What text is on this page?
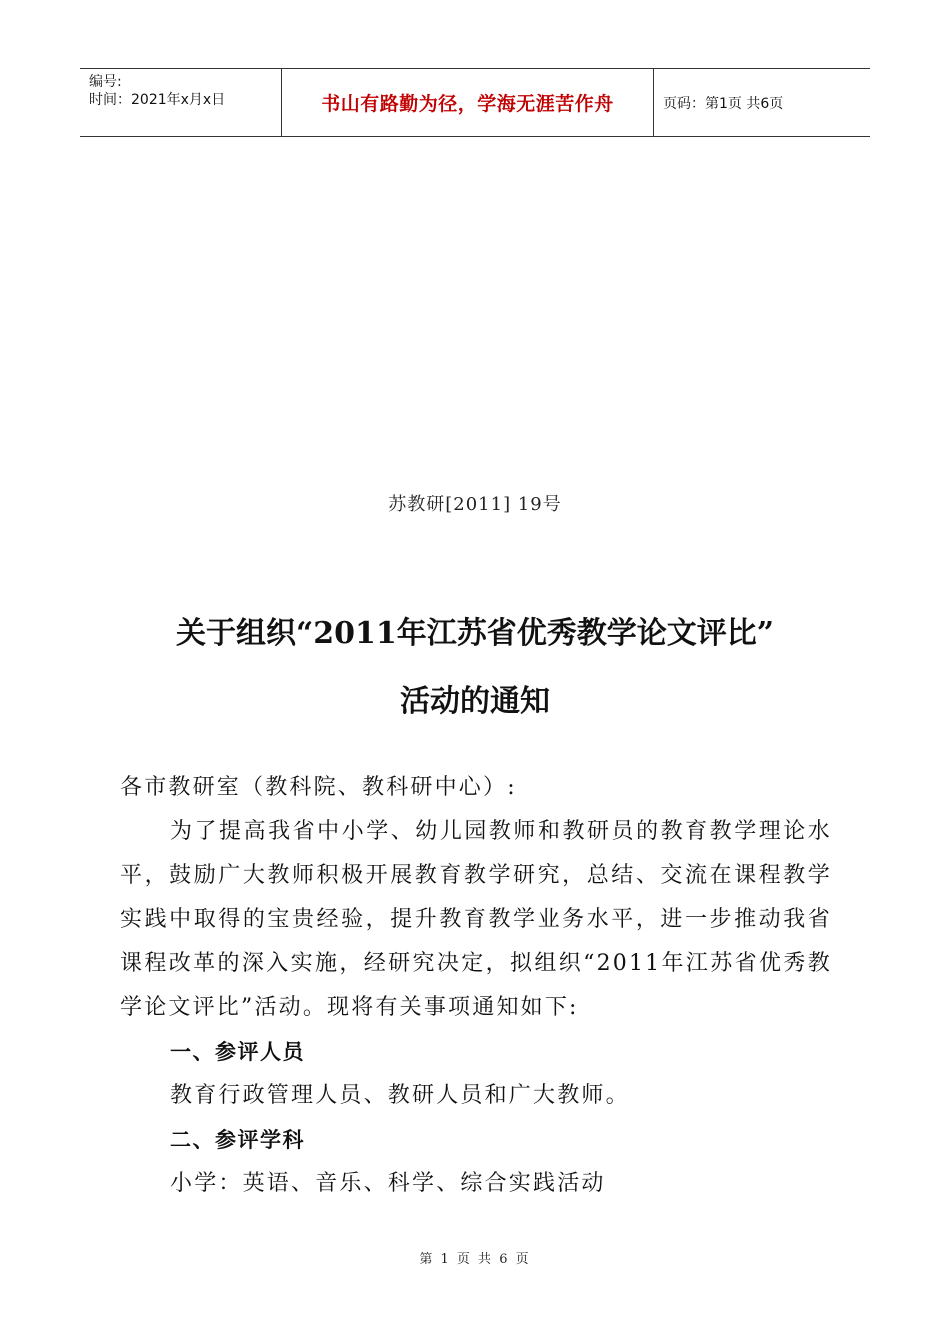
编号:
时间：2021年x月x日	书山有路勤为径，学海无涯苦作舟	页码：第1页 共6页
苏教研[2011] 19号
关于组织“2011年江苏省优秀教学论文评比”
活动的通知

各市教研室（教科院、教科研中心）:

为了提高我省中小学、幼儿园教师和教研员的教育教学理论水平，鼓励广大教师积极开展教育教学研究，总结、交流在课程教学实践中取得的宝贵经验，提升教育教学业务水平，进一步推动我省课程改革的深入实施，经研究决定，拟组织“2011年江苏省优秀教学论文评比”活动。现将有关事项通知如下:

一、参评人员

教育行政管理人员、教研人员和广大教师。

二、参评学科

小学：英语、音乐、科学、综合实践活动

第 1 页 共 6 页
